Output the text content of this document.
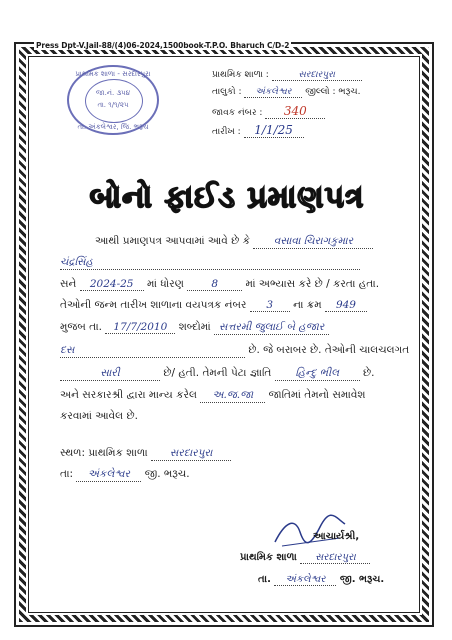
Press Dpt-V.Jail-88/(4)06-2024,1500book-T.P.O. Bharuch C/D-2
પ્રાથમિક શાળા - સરદારપુરા
જા.નં. ૩૫૪
તા. ૧/૧/૨૫
તા. અંકલેશ્વર, જિ. ભરૂચ
પ્રાથમિક શાળા :	સરદારપુરા
તાલુકો : અંકલેશ્વર જીલ્લો : ભરૂચ.
જાવક નંબર : 340
તારીખ : 1/1/25
બોનો ફાઈડ પ્રમાણપત્ર
આથી પ્રમાણપત્ર આપવામાં આવે છે કે વસાવા ચિરાગકુમાર
ચંદ્રસિંહ
સને 2024-25 માં ધોરણ	8	માં અભ્યાસ કરે છે / કરતા હતા.
તેઓની જન્મ તારીખ શાળાના વયપત્રક નંબર 3 ના ક્રમ 949
મુજબ તા. 17/7/2010 શબ્દોમાં સત્તરમી જુલાઈ બે હજાર
દસ	છે. જે બરાબર છે. તેઓની ચાલચલગત
સારી	છે/ હતી. તેમની પેટા જ્ઞાતિ હિન્દુ ભીલ છે.
અને સરકારશ્રી દ્વારા માન્ય કરેલ અ.જ.જા જાતિમાં તેમનો સમાવેશ
કરવામાં આવેલ છે.
સ્થળ: પ્રાથમિક શાળા સરદારપુરા
તા: અંકલેશ્વર જી. ભરૂચ.
આચાર્યશ્રી,
પ્રાથમિક શાળા સરદારપુરા
તા. અંકલેશ્વર જી. ભરૂચ.
